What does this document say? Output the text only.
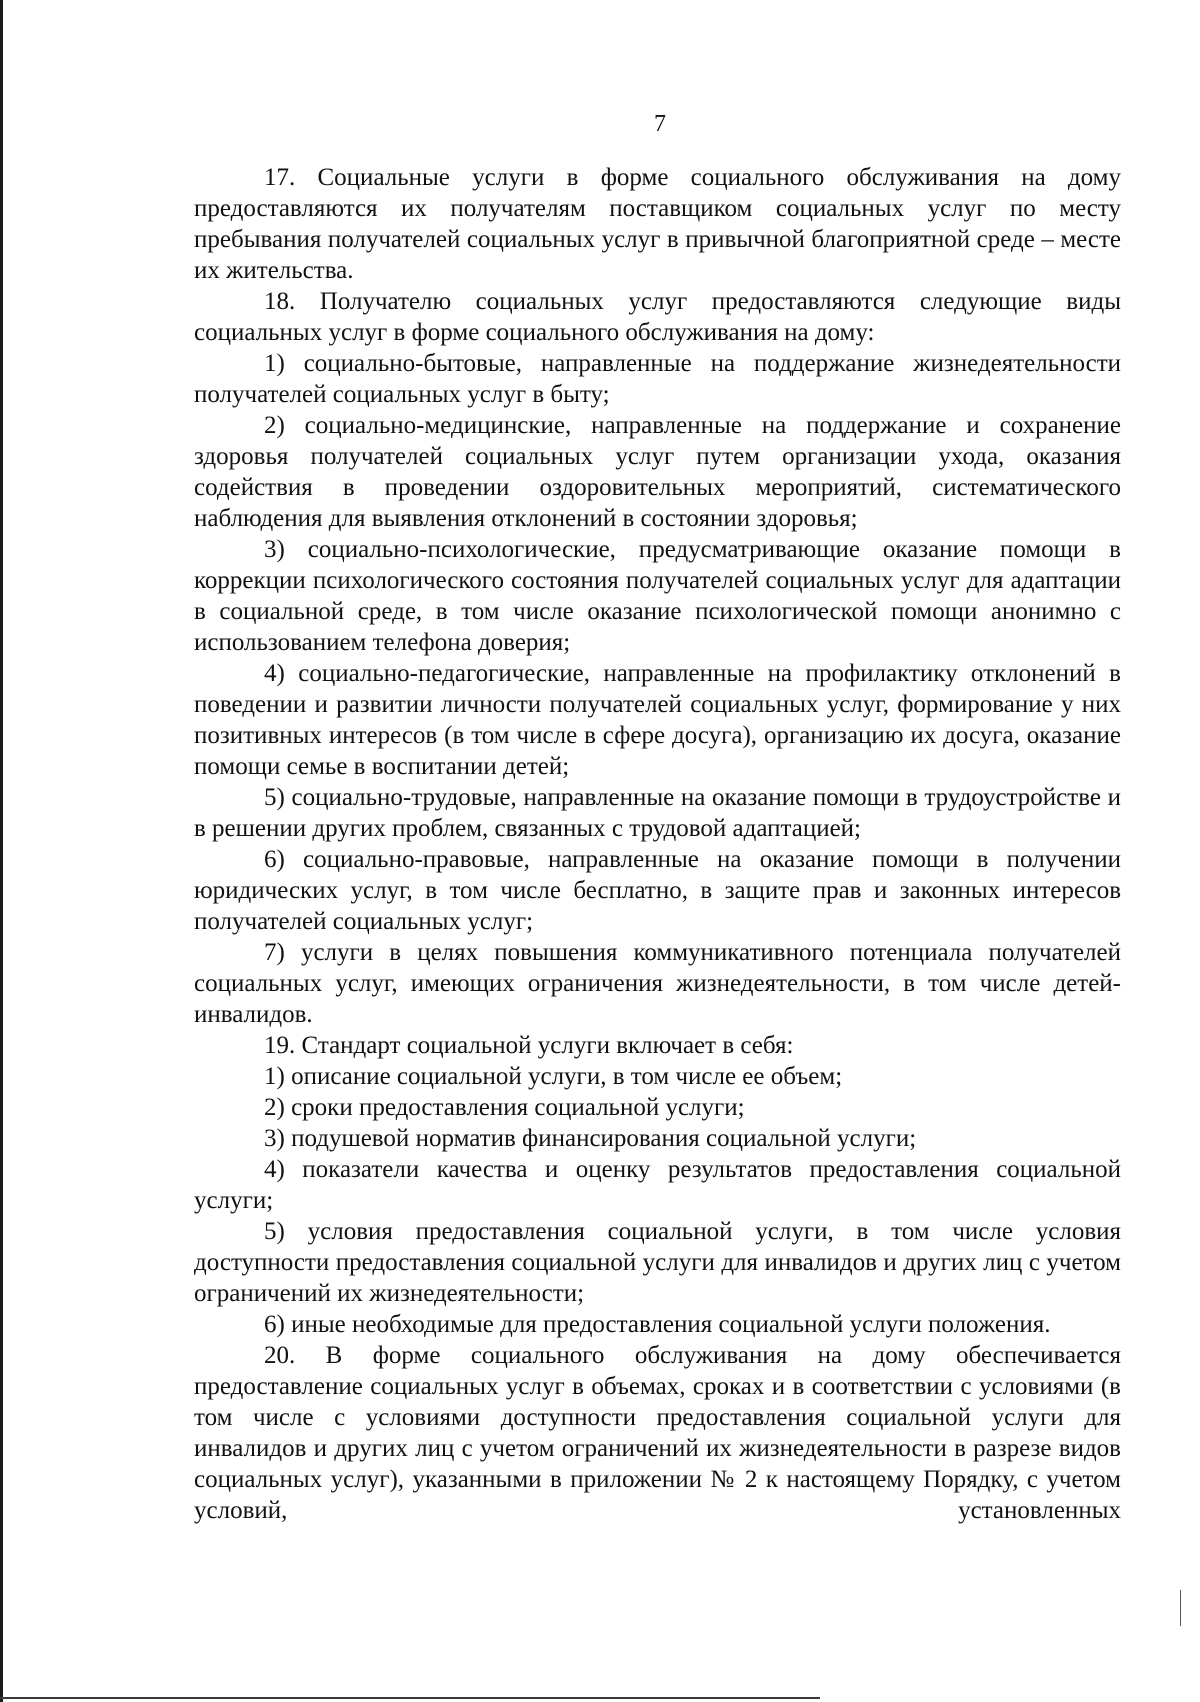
7

17. Социальные услуги в форме социального обслуживания на дому предоставляются их получателям поставщиком социальных услуг по месту пребывания получателей социальных услуг в привычной благоприятной среде – месте их жительства.

18. Получателю социальных услуг предоставляются следующие виды социальных услуг в форме социального обслуживания на дому:

1) социально-бытовые, направленные на поддержание жизнедеятельности получателей социальных услуг в быту;

2) социально-медицинские, направленные на поддержание и сохранение здоровья получателей социальных услуг путем организации ухода, оказания содействия в проведении оздоровительных мероприятий, систематического наблюдения для выявления отклонений в состоянии здоровья;

3) социально-психологические, предусматривающие оказание помощи в коррекции психологического состояния получателей социальных услуг для адаптации в социальной среде, в том числе оказание психологической помощи анонимно с использованием телефона доверия;

4) социально-педагогические, направленные на профилактику отклонений в поведении и развитии личности получателей социальных услуг, формирование у них позитивных интересов (в том числе в сфере досуга), организацию их досуга, оказание помощи семье в воспитании детей;

5) социально-трудовые, направленные на оказание помощи в трудоустройстве и в решении других проблем, связанных с трудовой адаптацией;

6) социально-правовые, направленные на оказание помощи в получении юридических услуг, в том числе бесплатно, в защите прав и законных интересов получателей социальных услуг;

7) услуги в целях повышения коммуникативного потенциала получателей социальных услуг, имеющих ограничения жизнедеятельности, в том числе детей-инвалидов.

19. Стандарт социальной услуги включает в себя:

1) описание социальной услуги, в том числе ее объем;

2) сроки предоставления социальной услуги;

3) подушевой норматив финансирования социальной услуги;

4) показатели качества и оценку результатов предоставления социальной услуги;

5) условия предоставления социальной услуги, в том числе условия доступности предоставления социальной услуги для инвалидов и других лиц с учетом ограничений их жизнедеятельности;

6) иные необходимые для предоставления социальной услуги положения.

20. В форме социального обслуживания на дому обеспечивается предоставление социальных услуг в объемах, сроках и в соответствии с условиями (в том числе с условиями доступности предоставления социальной услуги для инвалидов и других лиц с учетом ограничений их жизнедеятельности в разрезе видов социальных услуг), указанными в приложении № 2 к настоящему Порядку, с учетом условий, установленных
